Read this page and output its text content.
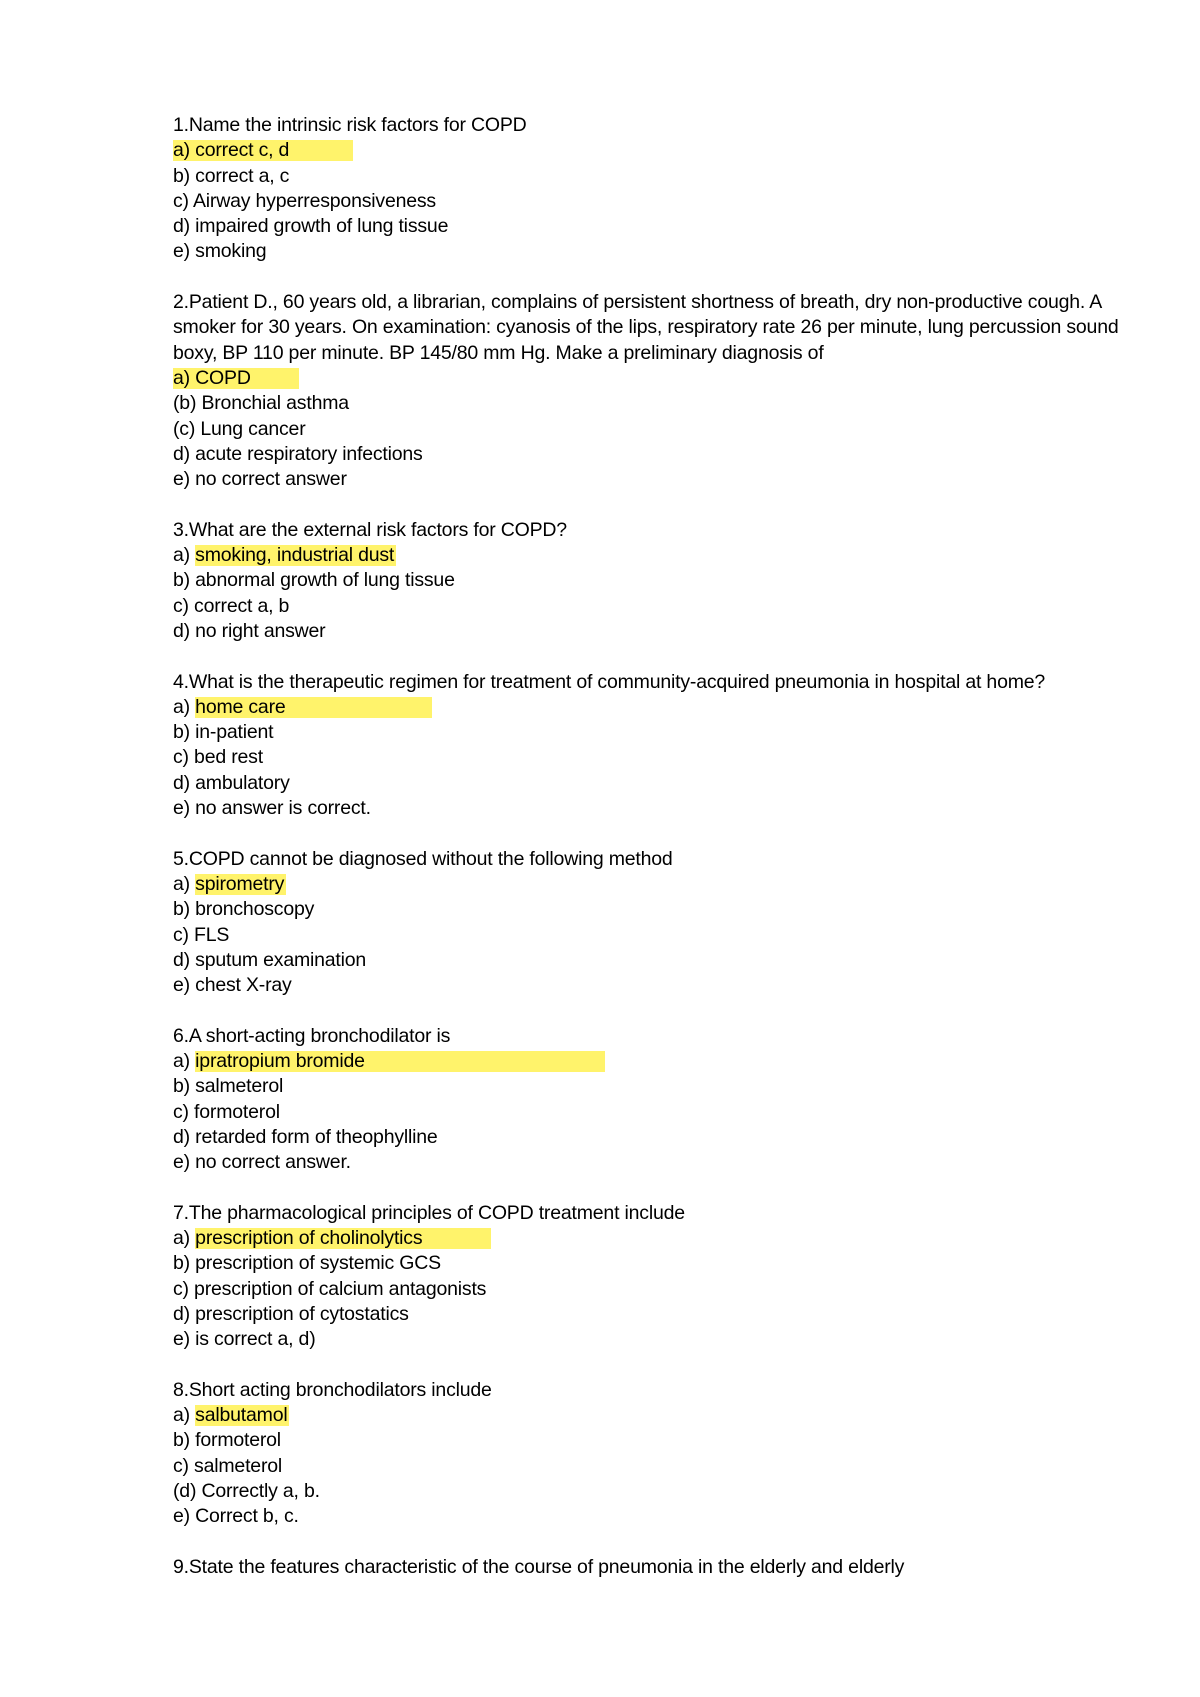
1.Name the intrinsic risk factors for COPD
a) correct c, d
b) correct a, c
c) Airway hyperresponsiveness
d) impaired growth of lung tissue
e) smoking
2.Patient D., 60 years old, a librarian, complains of persistent shortness of breath, dry non-productive cough. A smoker for 30 years. On examination: cyanosis of the lips, respiratory rate 26 per minute, lung percussion sound boxy, BP 110 per minute. BP 145/80 mm Hg. Make a preliminary diagnosis of
a) COPD
(b) Bronchial asthma
(c) Lung cancer
d) acute respiratory infections
e) no correct answer
3.What are the external risk factors for COPD?
a) smoking, industrial dust
b) abnormal growth of lung tissue
c) correct a, b
d) no right answer
4.What is the therapeutic regimen for treatment of community-acquired pneumonia in hospital at home?
a) home care
b) in-patient
c) bed rest
d) ambulatory
e) no answer is correct.
5.COPD cannot be diagnosed without the following method
a) spirometry
b) bronchoscopy
c) FLS
d) sputum examination
e) chest X-ray
6.A short-acting bronchodilator is
a) ipratropium bromide
b) salmeterol
c) formoterol
d) retarded form of theophylline
e) no correct answer.
7.The pharmacological principles of COPD treatment include
a) prescription of cholinolytics
b) prescription of systemic GCS
c) prescription of calcium antagonists
d) prescription of cytostatics
e) is correct a, d)
8.Short acting bronchodilators include
a) salbutamol
b) formoterol
c) salmeterol
(d) Correctly a, b.
e) Correct b, c.
9.State the features characteristic of the course of pneumonia in the elderly and elderly
